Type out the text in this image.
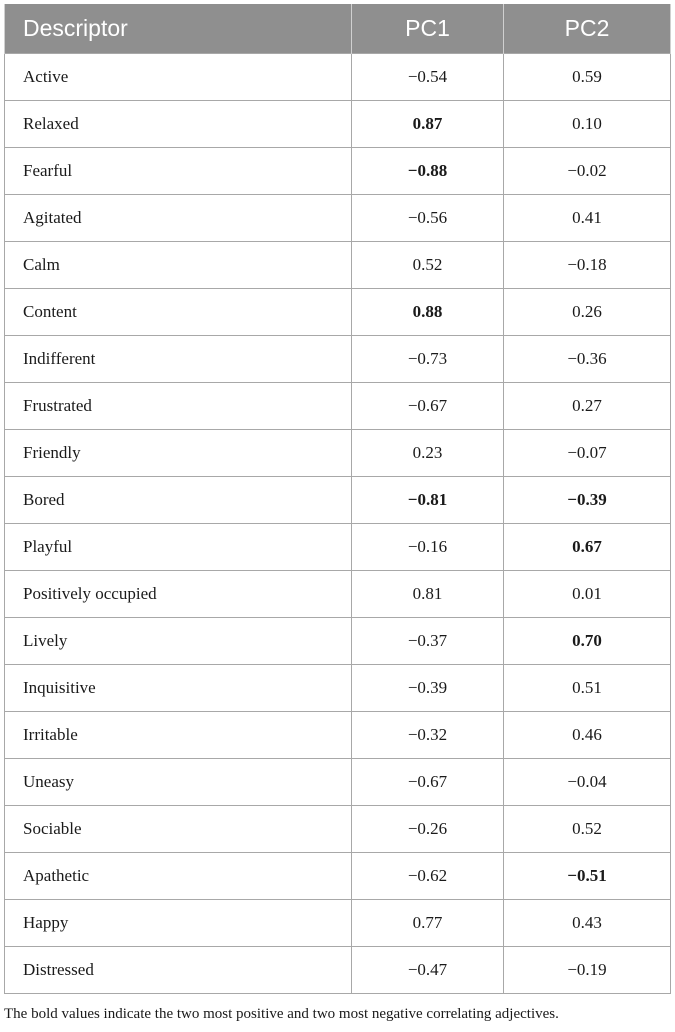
Descriptor	PC1	PC2
Active	−0.54	0.59
Relaxed	0.87	0.10
Fearful	−0.88	−0.02
Agitated	−0.56	0.41
Calm	0.52	−0.18
Content	0.88	0.26
Indifferent	−0.73	−0.36
Frustrated	−0.67	0.27
Friendly	0.23	−0.07
Bored	−0.81	−0.39
Playful	−0.16	0.67
Positively occupied	0.81	0.01
Lively	−0.37	0.70
Inquisitive	−0.39	0.51
Irritable	−0.32	0.46
Uneasy	−0.67	−0.04
Sociable	−0.26	0.52
Apathetic	−0.62	−0.51
Happy	0.77	0.43
Distressed	−0.47	−0.19
The bold values indicate the two most positive and two most negative correlating adjectives.
